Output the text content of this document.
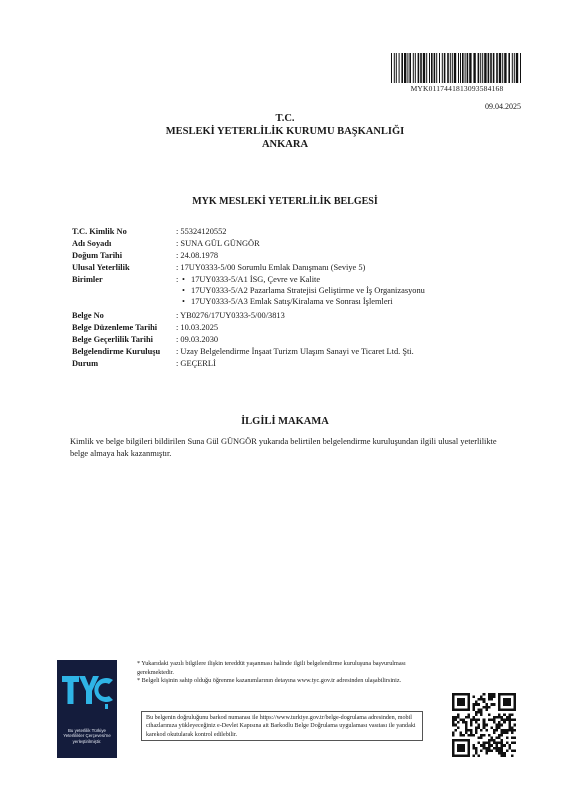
MYK011744181309358416​8
09.04.2025
T.C.
MESLEKİ YETERLİLİK KURUMU BAŞKANLIĞI
ANKARA
MYK MESLEKİ YETERLİLİK BELGESİ
T.C. Kimlik No	: 55324120552
Adı Soyadı	: SUNA GÜL GÜNGÖR
Doğum Tarihi	: 24.08.1978
Ulusal Yeterlilik	: 17UY0333-5/00 Sorumlu Emlak Danışmanı (Seviye 5)
Birimler	: • 17UY0333-5/A1 İSG, Çevre ve Kalite
• 17UY0333-5/A2 Pazarlama Stratejisi Geliştirme ve İş Organizasyonu
• 17UY0333-5/A3 Emlak Satış/Kiralama ve Sonrası İşlemleri
Belge No	: YB0276/17UY0333-5/00/3813
Belge Düzenleme Tarihi	: 10.03.2025
Belge Geçerlilik Tarihi	: 09.03.2030
Belgelendirme Kuruluşu	: Uzay Belgelendirme İnşaat Turizm Ulaşım Sanayi ve Ticaret Ltd. Şti.
Durum	: GEÇERLİ
İLGİLİ MAKAMA
Kimlik ve belge bilgileri bildirilen Suna Gül GÜNGÖR yukarıda belirtilen belgelendirme kuruluşundan ilgili ulusal yeterlilikte belge almaya hak kazanmıştır.
Bu yeterlilik Türkiye Yeterlilikler Çerçevesi'ne yerleştirilmiştir.
* Yukarıdaki yazılı bilgilere ilişkin tereddüt yaşanması halinde ilgili belgelendirme kuruluşuna başvurulması gerekmektedir.
* Belgeli kişinin sahip olduğu öğrenme kazanımlarının detayına www.tyc.gov.tr adresinden ulaşabilirsiniz.
Bu belgenin doğruluğunu barkod numarası ile https://www.turkiye.gov.tr/belge-dogrulama adresinden, mobil cihazlarınıza yükleyeceğiniz e-Devlet Kapısına ait Barkodlu Belge Doğrulama uygulaması vasıtası ile yandaki karekod okutularak kontrol edilebilir.
